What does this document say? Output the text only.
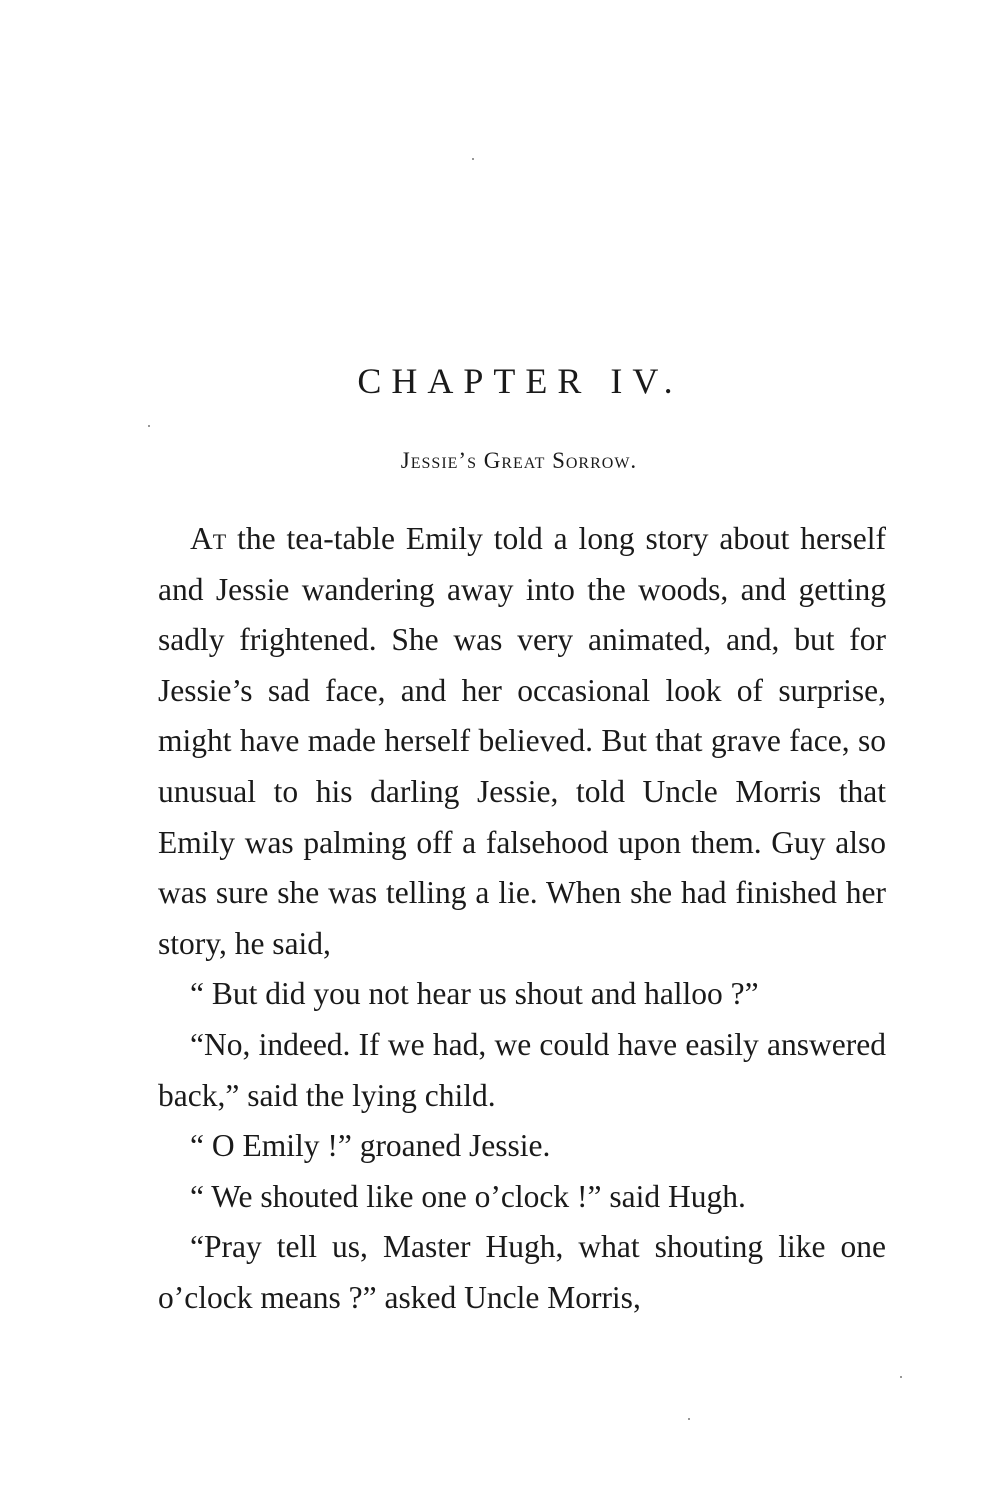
CHAPTER IV.
Jessie’s Great Sorrow.

At the tea-table Emily told a long story about herself and Jessie wandering away into the woods, and getting sadly frightened. She was very animated, and, but for Jessie’s sad face, and her occasional look of surprise, might have made herself believed. But that grave face, so unusual to his darling Jessie, told Uncle Morris that Emily was palming off a falsehood upon them. Guy also was sure she was telling a lie. When she had finished her story, he said,

“ But did you not hear us shout and halloo ?”

“No, indeed. If we had, we could have easily answered back,” said the lying child.

“ O Emily !” groaned Jessie.

“ We shouted like one o’clock !” said Hugh.

“Pray tell us, Master Hugh, what shouting like one o’clock means ?” asked Uncle Morris,
